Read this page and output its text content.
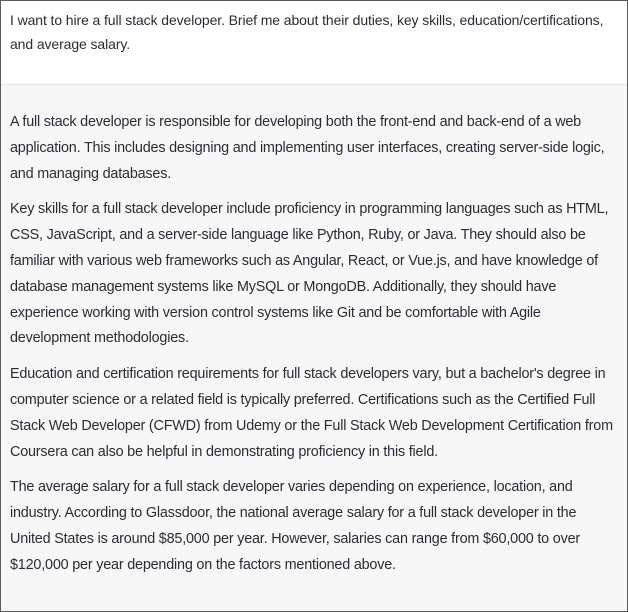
I want to hire a full stack developer. Brief me about their duties, key skills, education/certifications, and average salary.

A full stack developer is responsible for developing both the front-end and back-end of a web application. This includes designing and implementing user interfaces, creating server-side logic, and managing databases.

Key skills for a full stack developer include proficiency in programming languages such as HTML, CSS, JavaScript, and a server-side language like Python, Ruby, or Java. They should also be familiar with various web frameworks such as Angular, React, or Vue.js, and have knowledge of database management systems like MySQL or MongoDB. Additionally, they should have experience working with version control systems like Git and be comfortable with Agile development methodologies.

Education and certification requirements for full stack developers vary, but a bachelor's degree in computer science or a related field is typically preferred. Certifications such as the Certified Full Stack Web Developer (CFWD) from Udemy or the Full Stack Web Development Certification from Coursera can also be helpful in demonstrating proficiency in this field.

The average salary for a full stack developer varies depending on experience, location, and industry. According to Glassdoor, the national average salary for a full stack developer in the United States is around $85,000 per year. However, salaries can range from $60,000 to over $120,000 per year depending on the factors mentioned above.
